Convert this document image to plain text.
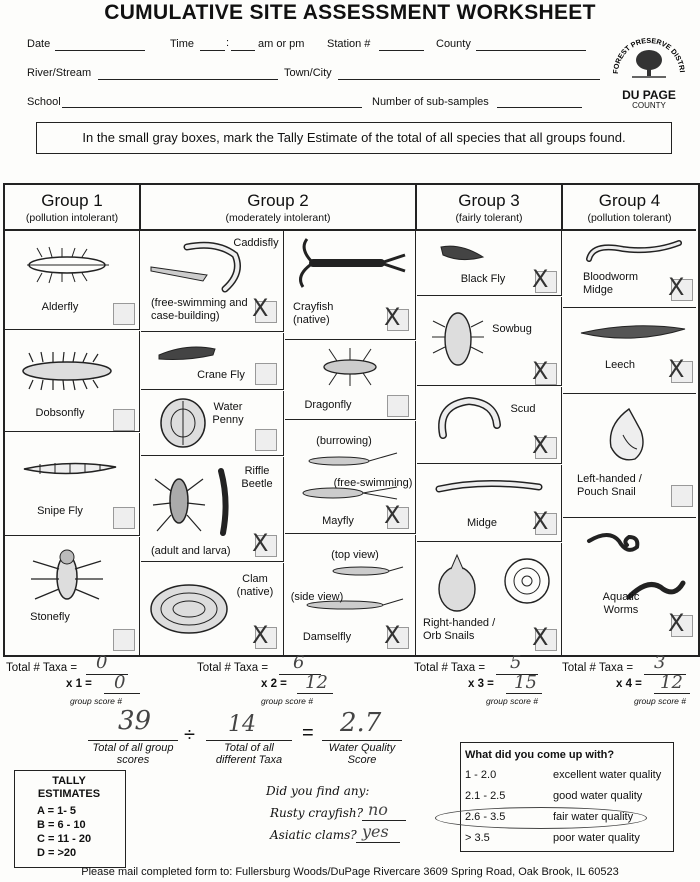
CUMULATIVE SITE ASSESSMENT WORKSHEET
Date	Time	:	am or pm Station #	County
River/Stream	Town/City
School	Number of sub-samples
FOREST PRESERVE DISTRI
DU PAGE
COUNTY
In the small gray boxes, mark the Tally Estimate of the total of all species that all groups found.
Group 1
(pollution intolerant)
Group 2
(moderately intolerant)
Group 3
(fairly tolerant)
Group 4
(pollution tolerant)
Alderfly
Dobsonfly
Snipe Fly
Stonefly
Caddisfly
(free-swimming and case-building)	X
Crane Fly
Water Penny
Riffle Beetle
(adult and larva) X
Clam (native)
X
Crayfish (native)	X
Dragonfly
(burrowing)
(free-swimming)
Mayfly	X
(top view)
(side view)
Damselfly X
Black Fly	X
Sowbug
X
Scud
X
Midge	X
Right-handed / Orb Snails	X
Bloodworm Midge	X
Leech	X
Left-handed / Pouch Snail
Aquatic Worms	X
Total # Taxa = 0
x 1 = 0
group score #
Total # Taxa = 6
x 2 = 12
group score #
Total # Taxa = 5
x 3 = 15
group score #
Total # Taxa = 3
x 4 = 12
group score #
39
Total of all group scores
÷ 14
Total of all different Taxa
= 2.7
Water Quality Score
TALLY ESTIMATES
A = 1- 5
B = 6 - 10
C = 11 - 20
D = >20
Did you find any:
Rusty crayfish? no
Asiatic clams? yes
What did you come up with?
1 - 2.0	excellent water quality
2.1 - 2.5	good water quality
2.6 - 3.5	fair water quality
> 3.5	poor water quality
Please mail completed form to: Fullersburg Woods/DuPage Rivercare 3609 Spring Road, Oak Brook, IL 60523
